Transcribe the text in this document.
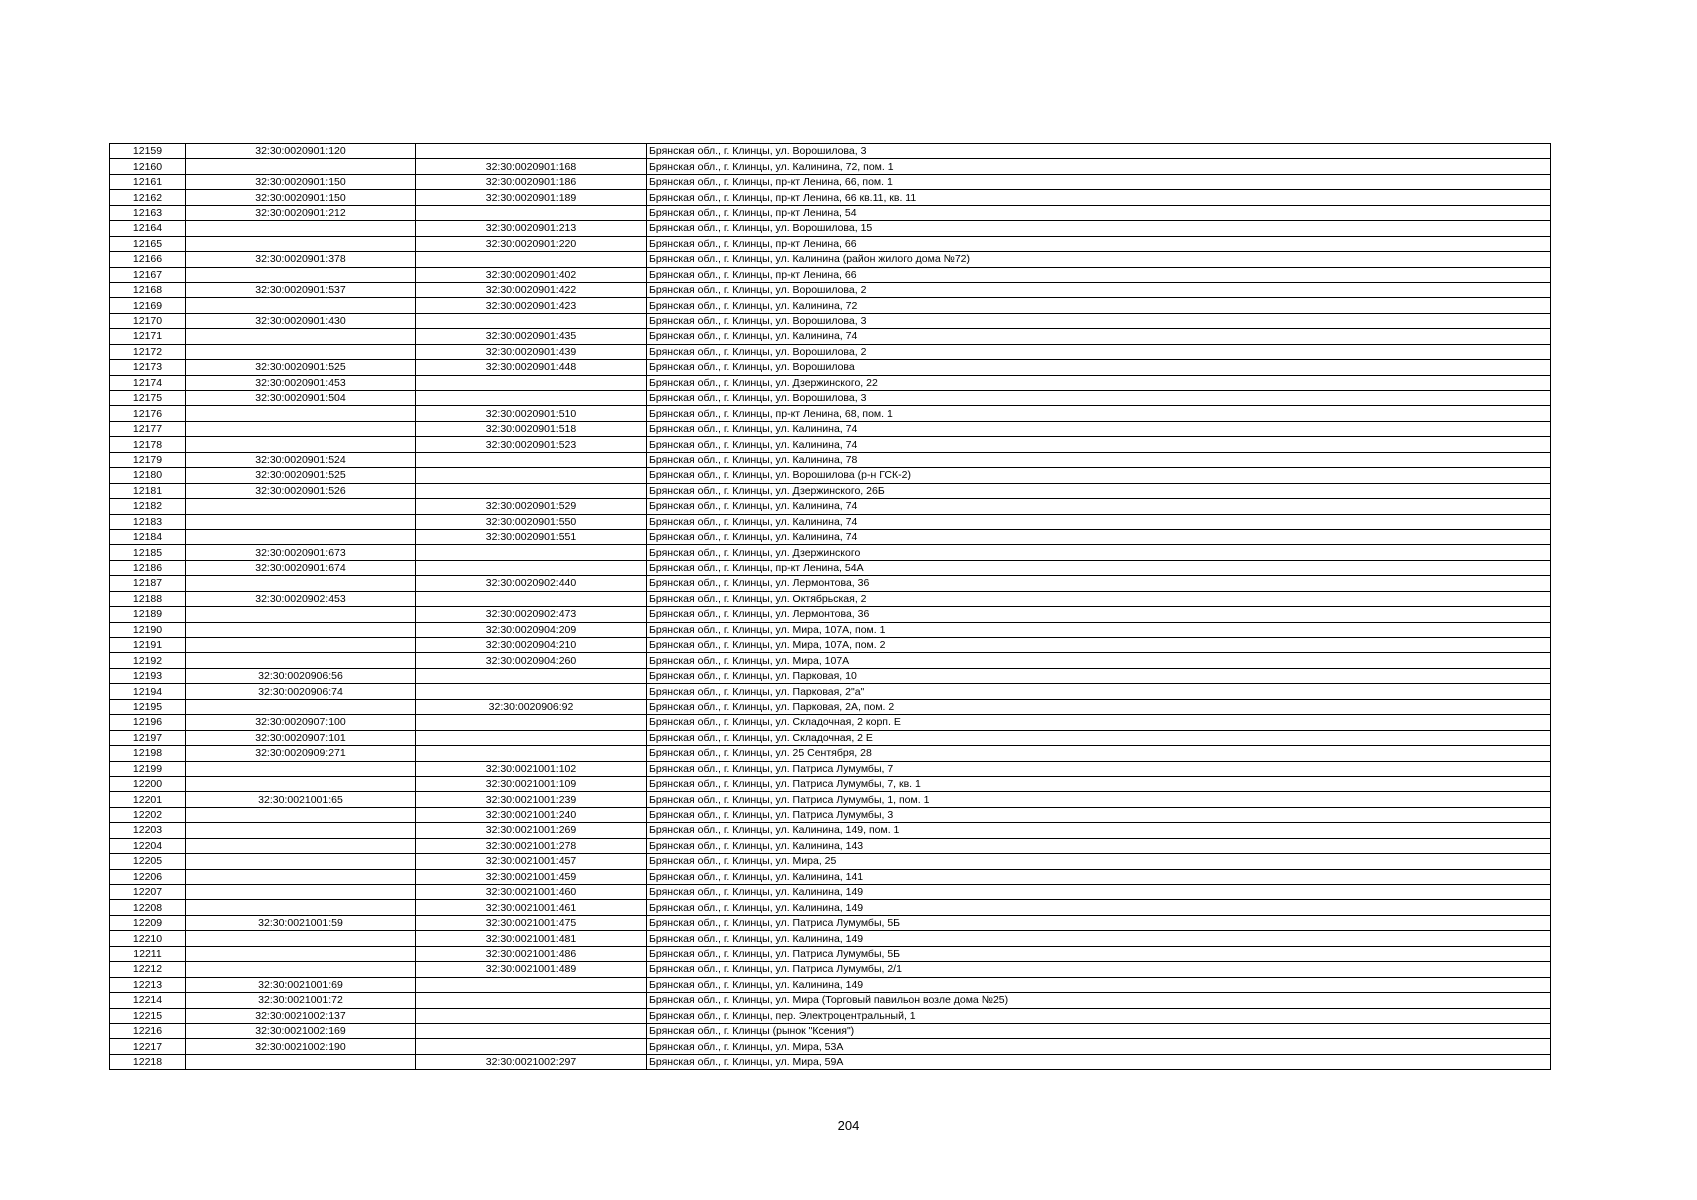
12159	32:30:0020901:120		Брянская обл., г. Клинцы, ул. Ворошилова, 3
12160		32:30:0020901:168	Брянская обл., г. Клинцы, ул. Калинина, 72, пом. 1
12161	32:30:0020901:150	32:30:0020901:186	Брянская обл., г. Клинцы, пр-кт Ленина, 66, пом. 1
12162	32:30:0020901:150	32:30:0020901:189	Брянская обл., г. Клинцы, пр-кт Ленина, 66 кв.11, кв. 11
12163	32:30:0020901:212		Брянская обл., г. Клинцы, пр-кт Ленина, 54
12164		32:30:0020901:213	Брянская обл., г. Клинцы, ул. Ворошилова, 15
12165		32:30:0020901:220	Брянская обл., г. Клинцы, пр-кт Ленина, 66
12166	32:30:0020901:378		Брянская обл., г. Клинцы, ул. Калинина (район жилого дома №72)
12167		32:30:0020901:402	Брянская обл., г. Клинцы, пр-кт Ленина, 66
12168	32:30:0020901:537	32:30:0020901:422	Брянская обл., г. Клинцы, ул. Ворошилова, 2
12169		32:30:0020901:423	Брянская обл., г. Клинцы, ул. Калинина, 72
12170	32:30:0020901:430		Брянская обл., г. Клинцы, ул. Ворошилова, 3
12171		32:30:0020901:435	Брянская обл., г. Клинцы, ул. Калинина, 74
12172		32:30:0020901:439	Брянская обл., г. Клинцы, ул. Ворошилова, 2
12173	32:30:0020901:525	32:30:0020901:448	Брянская обл., г. Клинцы, ул. Ворошилова
12174	32:30:0020901:453		Брянская обл., г. Клинцы, ул. Дзержинского, 22
12175	32:30:0020901:504		Брянская обл., г. Клинцы, ул. Ворошилова, 3
12176		32:30:0020901:510	Брянская обл., г. Клинцы, пр-кт Ленина, 68, пом. 1
12177		32:30:0020901:518	Брянская обл., г. Клинцы, ул. Калинина, 74
12178		32:30:0020901:523	Брянская обл., г. Клинцы, ул. Калинина, 74
12179	32:30:0020901:524		Брянская обл., г. Клинцы, ул. Калинина, 78
12180	32:30:0020901:525		Брянская обл., г. Клинцы, ул. Ворошилова (р-н ГСК-2)
12181	32:30:0020901:526		Брянская обл., г. Клинцы, ул. Дзержинского, 26Б
12182		32:30:0020901:529	Брянская обл., г. Клинцы, ул. Калинина, 74
12183		32:30:0020901:550	Брянская обл., г. Клинцы, ул. Калинина, 74
12184		32:30:0020901:551	Брянская обл., г. Клинцы, ул. Калинина, 74
12185	32:30:0020901:673		Брянская обл., г. Клинцы, ул. Дзержинского
12186	32:30:0020901:674		Брянская обл., г. Клинцы, пр-кт Ленина, 54А
12187		32:30:0020902:440	Брянская обл., г. Клинцы, ул. Лермонтова, 36
12188	32:30:0020902:453		Брянская обл., г. Клинцы, ул. Октябрьская, 2
12189		32:30:0020902:473	Брянская обл., г. Клинцы, ул. Лермонтова, 36
12190		32:30:0020904:209	Брянская обл., г. Клинцы, ул. Мира, 107А, пом. 1
12191		32:30:0020904:210	Брянская обл., г. Клинцы, ул. Мира, 107А, пом. 2
12192		32:30:0020904:260	Брянская обл., г. Клинцы, ул. Мира, 107А
12193	32:30:0020906:56		Брянская обл., г. Клинцы, ул. Парковая, 10
12194	32:30:0020906:74		Брянская обл., г. Клинцы, ул. Парковая, 2"а"
12195		32:30:0020906:92	Брянская обл., г. Клинцы, ул. Парковая, 2А, пом. 2
12196	32:30:0020907:100		Брянская обл., г. Клинцы, ул. Складочная, 2 корп. Е
12197	32:30:0020907:101		Брянская обл., г. Клинцы, ул. Складочная, 2 Е
12198	32:30:0020909:271		Брянская обл., г. Клинцы, ул. 25 Сентября, 28
12199		32:30:0021001:102	Брянская обл., г. Клинцы, ул. Патриса Лумумбы, 7
12200		32:30:0021001:109	Брянская обл., г. Клинцы, ул. Патриса Лумумбы, 7, кв. 1
12201	32:30:0021001:65	32:30:0021001:239	Брянская обл., г. Клинцы, ул. Патриса Лумумбы, 1, пом. 1
12202		32:30:0021001:240	Брянская обл., г. Клинцы, ул. Патриса Лумумбы, 3
12203		32:30:0021001:269	Брянская обл., г. Клинцы, ул. Калинина, 149, пом. 1
12204		32:30:0021001:278	Брянская обл., г. Клинцы, ул. Калинина, 143
12205		32:30:0021001:457	Брянская обл., г. Клинцы, ул. Мира, 25
12206		32:30:0021001:459	Брянская обл., г. Клинцы, ул. Калинина, 141
12207		32:30:0021001:460	Брянская обл., г. Клинцы, ул. Калинина, 149
12208		32:30:0021001:461	Брянская обл., г. Клинцы, ул. Калинина, 149
12209	32:30:0021001:59	32:30:0021001:475	Брянская обл., г. Клинцы, ул. Патриса Лумумбы, 5Б
12210		32:30:0021001:481	Брянская обл., г. Клинцы, ул. Калинина, 149
12211		32:30:0021001:486	Брянская обл., г. Клинцы, ул. Патриса Лумумбы, 5Б
12212		32:30:0021001:489	Брянская обл., г. Клинцы, ул. Патриса Лумумбы, 2/1
12213	32:30:0021001:69		Брянская обл., г. Клинцы, ул. Калинина, 149
12214	32:30:0021001:72		Брянская обл., г. Клинцы, ул. Мира (Торговый павильон возле дома №25)
12215	32:30:0021002:137		Брянская обл., г. Клинцы, пер. Электроцентральный, 1
12216	32:30:0021002:169		Брянская обл., г. Клинцы (рынок "Ксения")
12217	32:30:0021002:190		Брянская обл., г. Клинцы, ул. Мира, 53А
12218		32:30:0021002:297	Брянская обл., г. Клинцы, ул. Мира, 59А
204
